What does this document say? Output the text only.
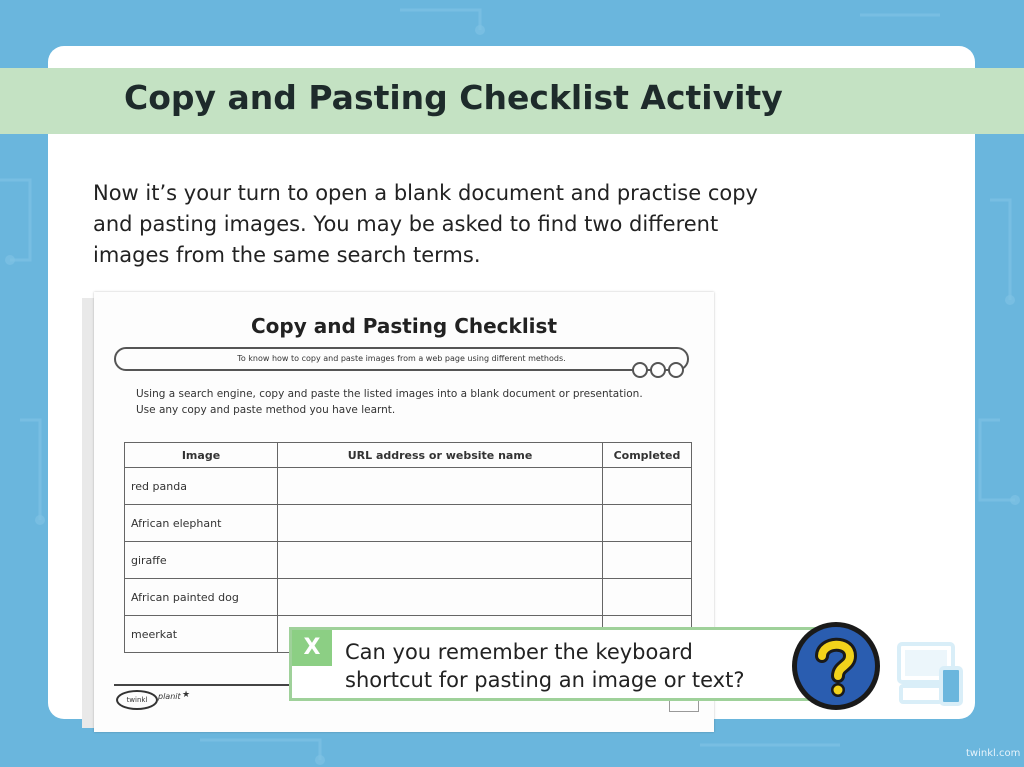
Copy and Pasting Checklist Activity

Now it’s your turn to open a blank document and practise copy
and pasting images. You may be asked to find two different
images from the same search terms.

Copy and Pasting Checklist
To know how to copy and paste images from a web page using different methods.

Using a search engine, copy and paste the listed images into a blank document or presentation.
Use any copy and paste method you have learnt.

Image	URL address or website name	Completed
red panda		
African elephant		
giraffe		
African painted dog		
meerkat		
twinkl	planit ★
X	Can you remember the keyboard
shortcut for pasting an image or text?

twinkl.com
